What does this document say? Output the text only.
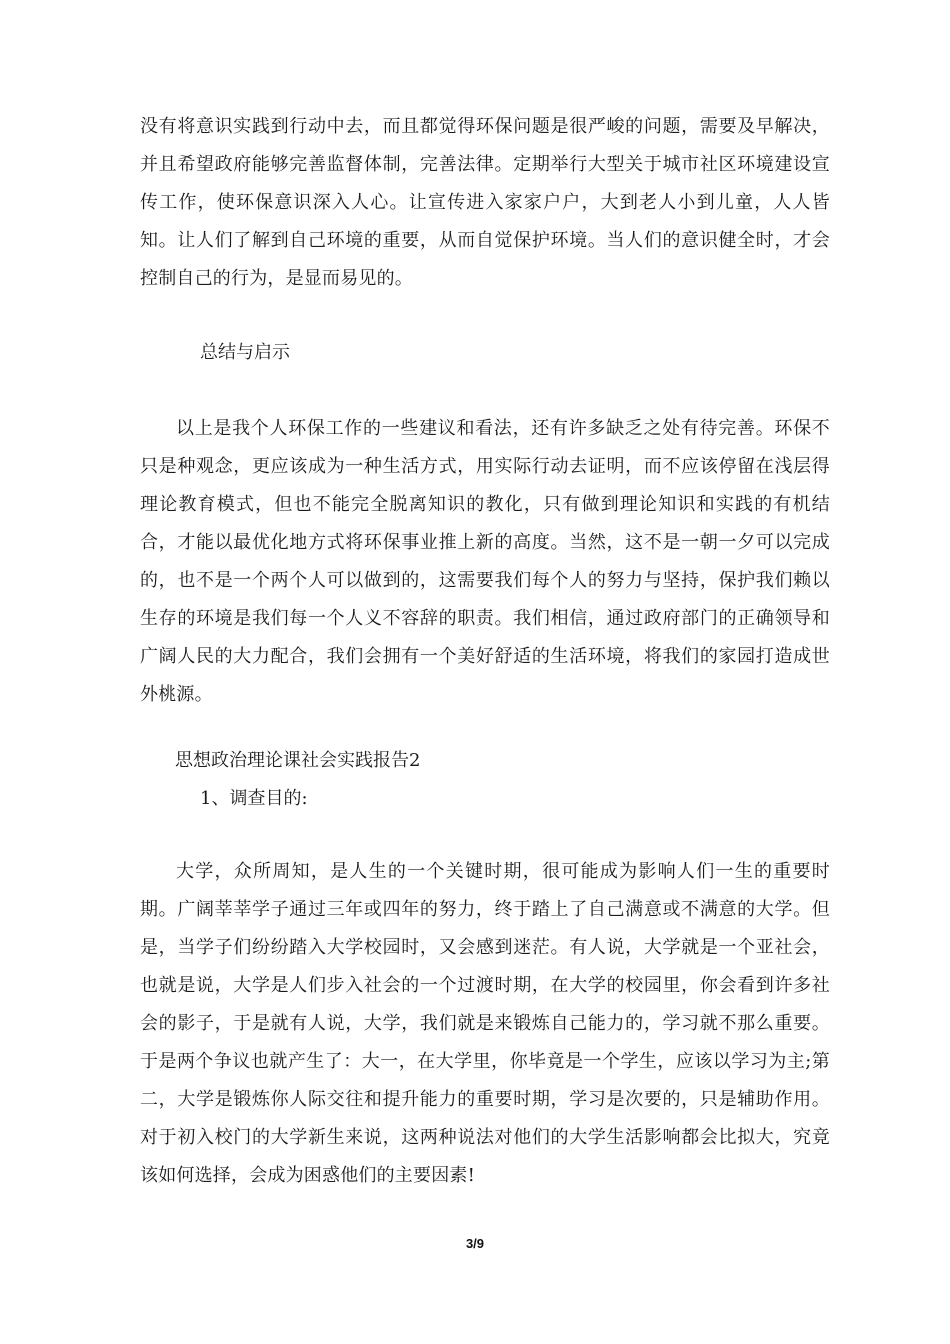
没有将意识实践到行动中去，而且都觉得环保问题是很严峻的问题，需要及早解决，并且希望政府能够完善监督体制，完善法律。定期举行大型关于城市社区环境建设宣传工作，使环保意识深入人心。让宣传进入家家户户，大到老人小到儿童，人人皆知。让人们了解到自己环境的重要，从而自觉保护环境。当人们的意识健全时，才会控制自己的行为，是显而易见的。

总结与启示

以上是我个人环保工作的一些建议和看法，还有许多缺乏之处有待完善。环保不只是种观念，更应该成为一种生活方式，用实际行动去证明，而不应该停留在浅层得理论教育模式，但也不能完全脱离知识的教化，只有做到理论知识和实践的有机结合，才能以最优化地方式将环保事业推上新的高度。当然，这不是一朝一夕可以完成的，也不是一个两个人可以做到的，这需要我们每个人的努力与坚持，保护我们赖以生存的环境是我们每一个人义不容辞的职责。我们相信，通过政府部门的正确领导和广阔人民的大力配合，我们会拥有一个美好舒适的生活环境，将我们的家园打造成世外桃源。

思想政治理论课社会实践报告2

1、调查目的:

大学，众所周知，是人生的一个关键时期，很可能成为影响人们一生的重要时期。广阔莘莘学子通过三年或四年的努力，终于踏上了自己满意或不满意的大学。但是，当学子们纷纷踏入大学校园时，又会感到迷茫。有人说，大学就是一个亚社会，也就是说，大学是人们步入社会的一个过渡时期，在大学的校园里，你会看到许多社会的影子，于是就有人说，大学，我们就是来锻炼自己能力的，学习就不那么重要。于是两个争议也就产生了：大一，在大学里，你毕竟是一个学生，应该以学习为主;第二，大学是锻炼你人际交往和提升能力的重要时期，学习是次要的，只是辅助作用。对于初入校门的大学新生来说，这两种说法对他们的大学生活影响都会比拟大，究竟该如何选择，会成为困惑他们的主要因素!

3/9
